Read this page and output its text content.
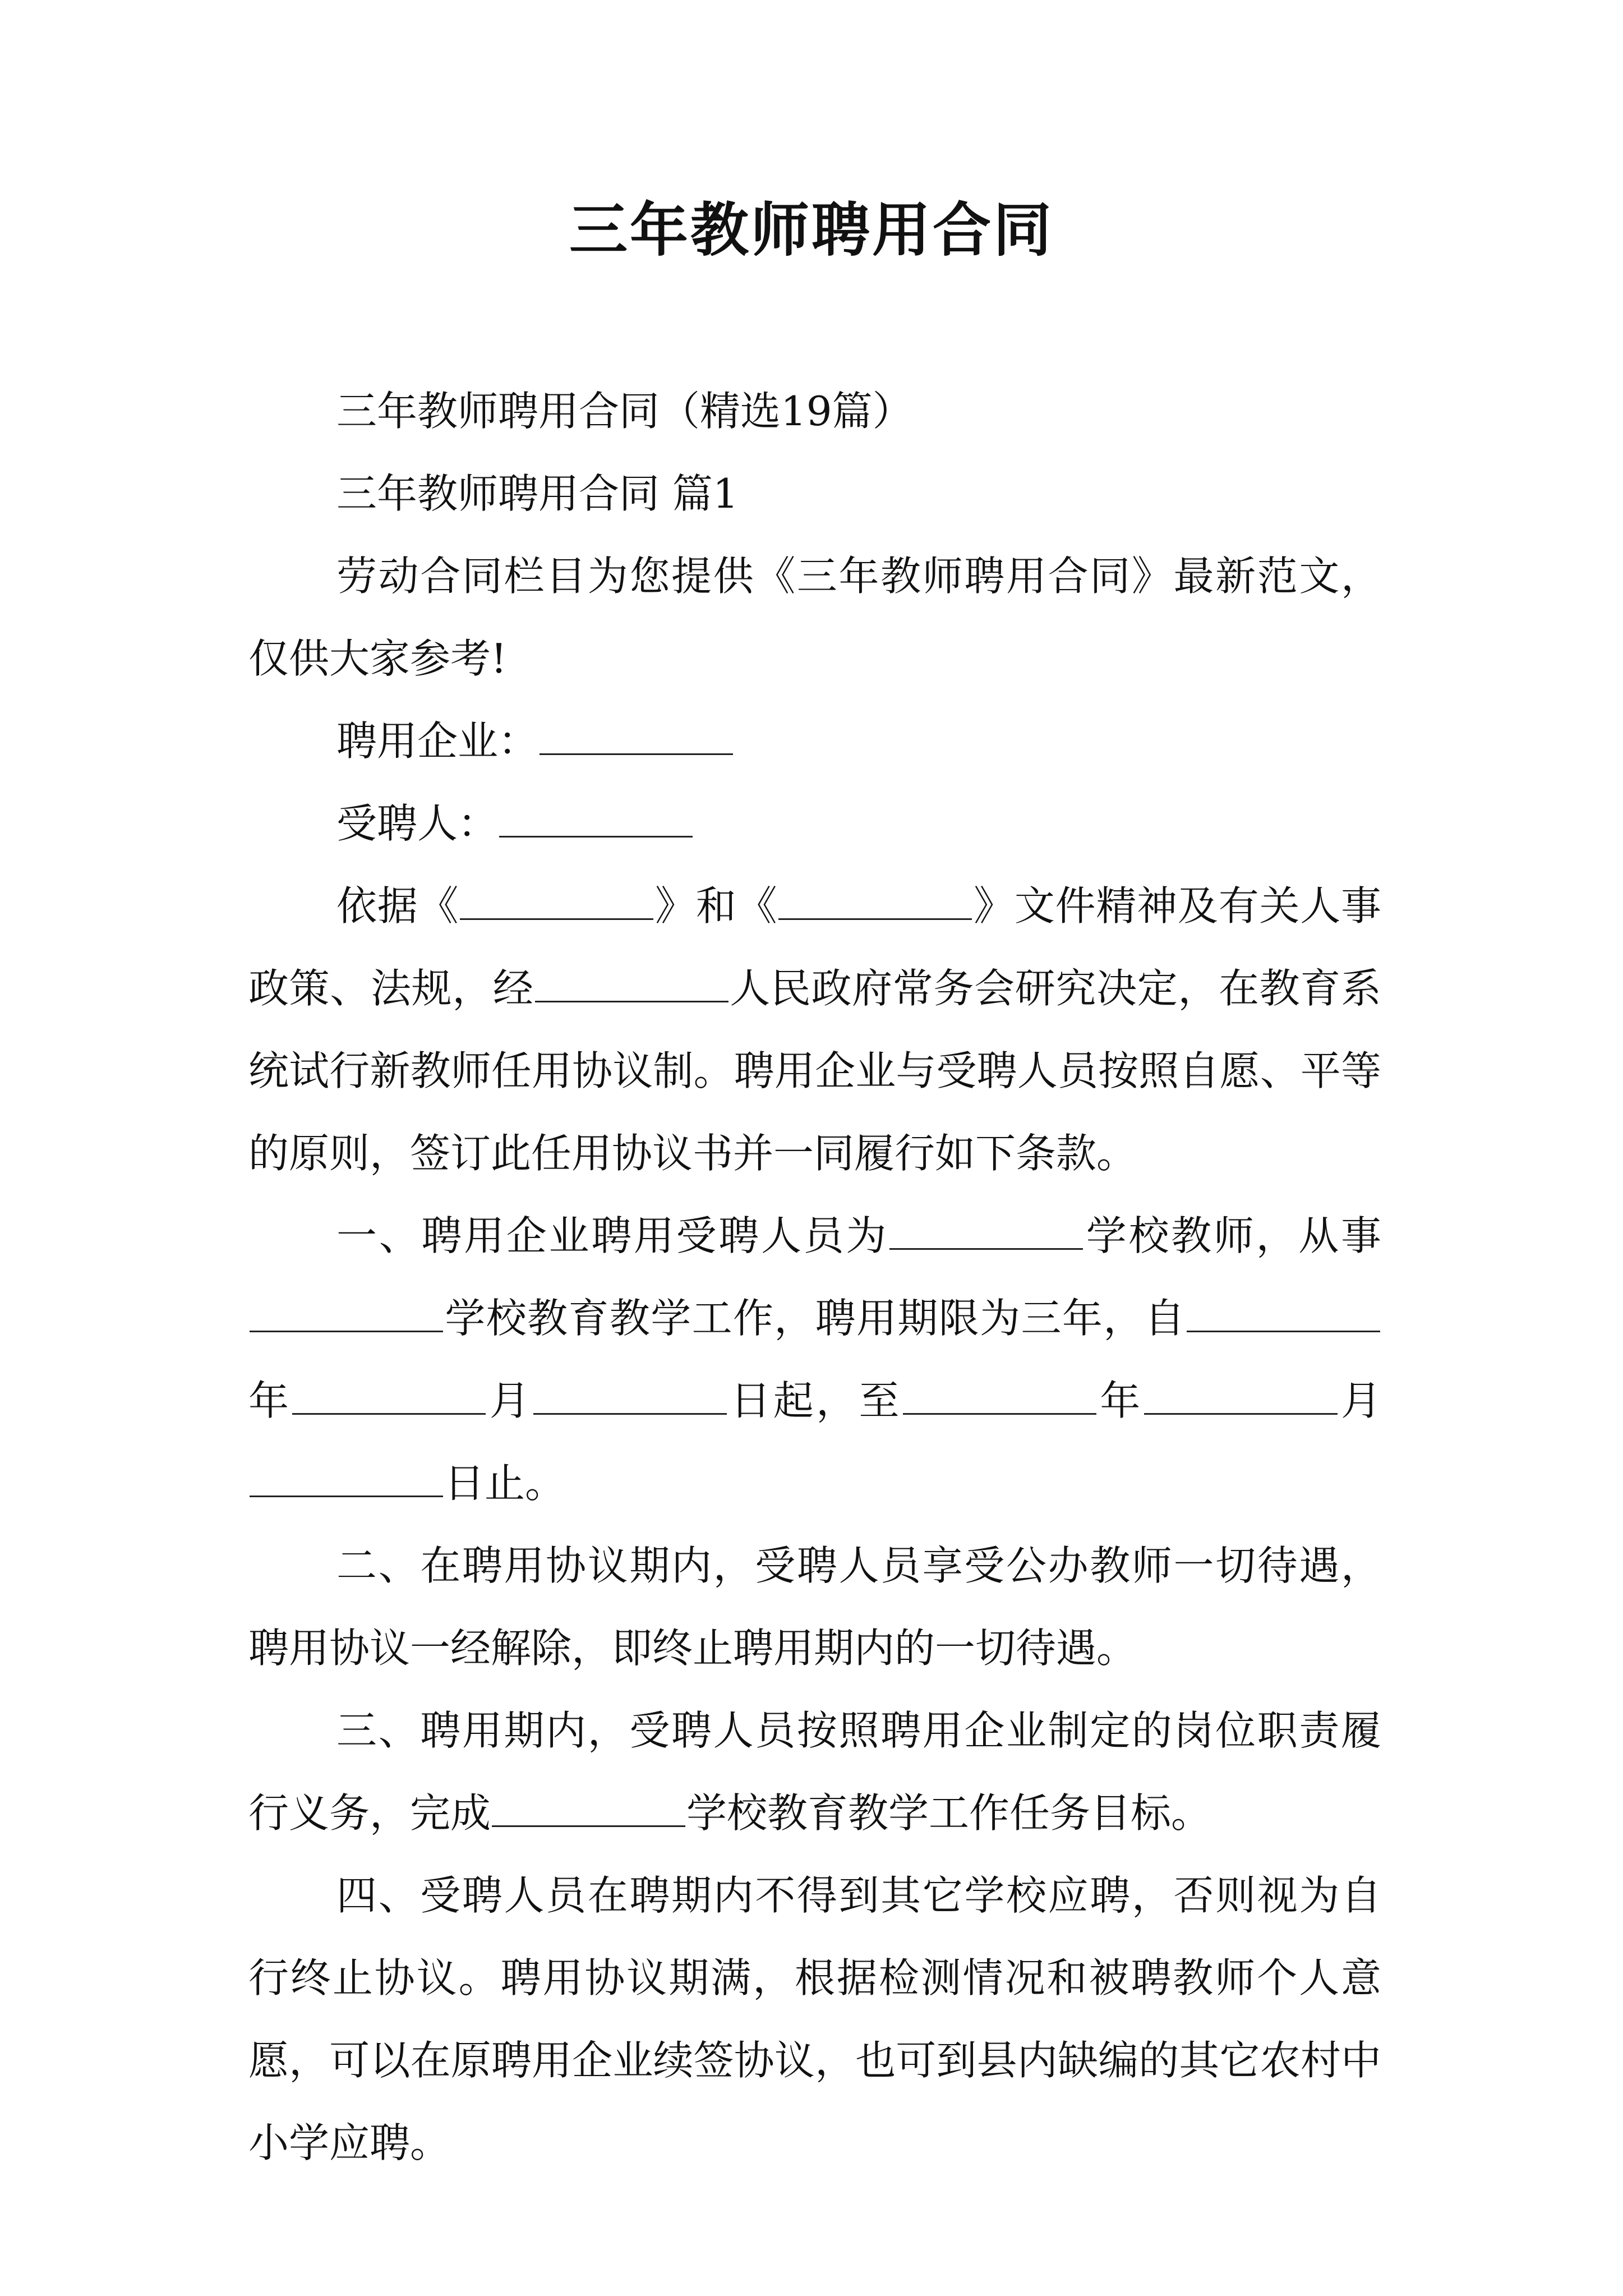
三年教师聘用合同

三年教师聘用合同（精选19篇）

三年教师聘用合同 篇1

劳动合同栏目为您提供《三年教师聘用合同》最新范文，仅供大家参考!

聘用企业：

受聘人：

依据《	》和《	》文件精神及有关人事政策、法规，经	人民政府常务会研究决定，在教育系统试行新教师任用协议制。聘用企业与受聘人员按照自愿、平等的原则，签订此任用协议书并一同履行如下条款。

一、聘用企业聘用受聘人员为	学校教师，从事学校教育教学工作，聘用期限为三年，自年	月	日起，至	年	月日止。

二、在聘用协议期内，受聘人员享受公办教师一切待遇，聘用协议一经解除，即终止聘用期内的一切待遇。

三、聘用期内，受聘人员按照聘用企业制定的岗位职责履行义务，完成	学校教育教学工作任务目标。

四、受聘人员在聘期内不得到其它学校应聘，否则视为自行终止协议。聘用协议期满，根据检测情况和被聘教师个人意愿，可以在原聘用企业续签协议，也可到县内缺编的其它农村中小学应聘。
